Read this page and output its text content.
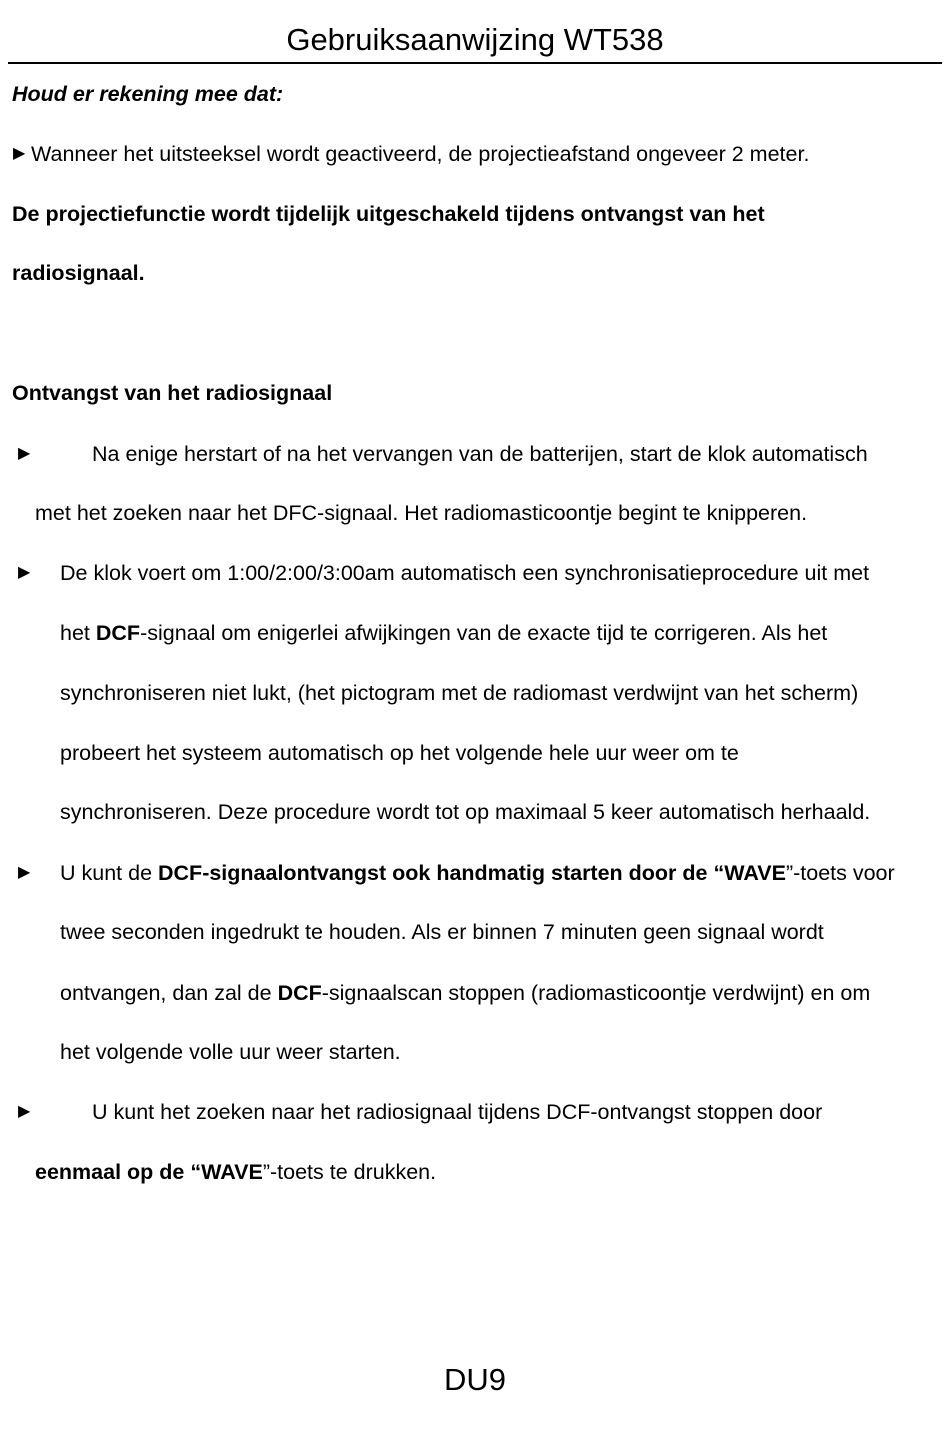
Gebruiksaanwijzing WT538
Houd er rekening mee dat:
▶ Wanneer het uitsteeksel wordt geactiveerd, de projectieafstand ongeveer 2 meter.
De projectiefunctie wordt tijdelijk uitgeschakeld tijdens ontvangst van het
radiosignaal.
Ontvangst van het radiosignaal
▶	Na enige herstart of na het vervangen van de batterijen, start de klok automatisch
met het zoeken naar het DFC-signaal. Het radiomasticoontje begint te knipperen.
▶ De klok voert om 1:00/2:00/3:00am automatisch een synchronisatieprocedure uit met
het DCF-signaal om enigerlei afwijkingen van de exacte tijd te corrigeren. Als het
synchroniseren niet lukt, (het pictogram met de radiomast verdwijnt van het scherm)
probeert het systeem automatisch op het volgende hele uur weer om te
synchroniseren. Deze procedure wordt tot op maximaal 5 keer automatisch herhaald.
▶ U kunt de DCF-signaalontvangst ook handmatig starten door de “WAVE”-toets voor
twee seconden ingedrukt te houden. Als er binnen 7 minuten geen signaal wordt
ontvangen, dan zal de DCF-signaalscan stoppen (radiomasticoontje verdwijnt) en om
het volgende volle uur weer starten.
▶	U kunt het zoeken naar het radiosignaal tijdens DCF-ontvangst stoppen door
eenmaal op de “WAVE”-toets te drukken.
DU9
